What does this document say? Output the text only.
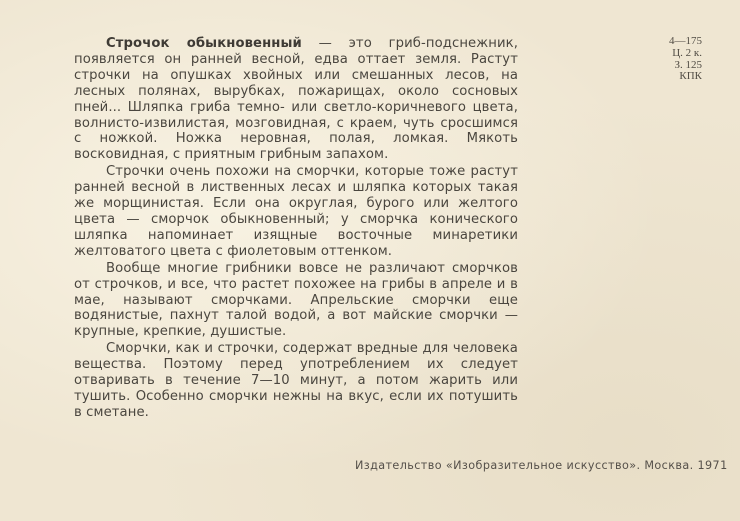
Строчок обыкновенный — это гриб-подснежник, появляется он ранней весной, едва оттает земля. Растут строчки на опушках хвойных или смешанных лесов, на лесных полянах, вырубках, пожарищах, около сосновых пней... Шляпка гриба темно- или светло-коричневого цвета, волнисто-извилистая, мозговидная, с краем, чуть сросшимся с ножкой. Ножка неровная, полая, ломкая. Мякоть восковидная, с приятным грибным запахом.

Строчки очень похожи на сморчки, которые тоже растут ранней весной в лиственных лесах и шляпка которых такая же морщинистая. Если она округлая, бурого или желтого цвета — сморчок обыкновенный; у сморчка конического шляпка напоминает изящные восточные минаретики желтоватого цвета с фиолетовым оттенком.

Вообще многие грибники вовсе не различают сморчков от строчков, и все, что растет похожее на грибы в апреле и в мае, называют сморчками. Апрельские сморчки еще водянистые, пахнут талой водой, а вот майские сморчки — крупные, крепкие, душистые.

Сморчки, как и строчки, содержат вредные для человека вещества. Поэтому перед употреблением их следует отваривать в течение 7—10 минут, а потом жарить или тушить. Особенно сморчки нежны на вкус, если их потушить в сметане.

4—175
Ц. 2 к.
З. 125
КПК
Издательство «Изобразительное искусство». Москва. 1971
